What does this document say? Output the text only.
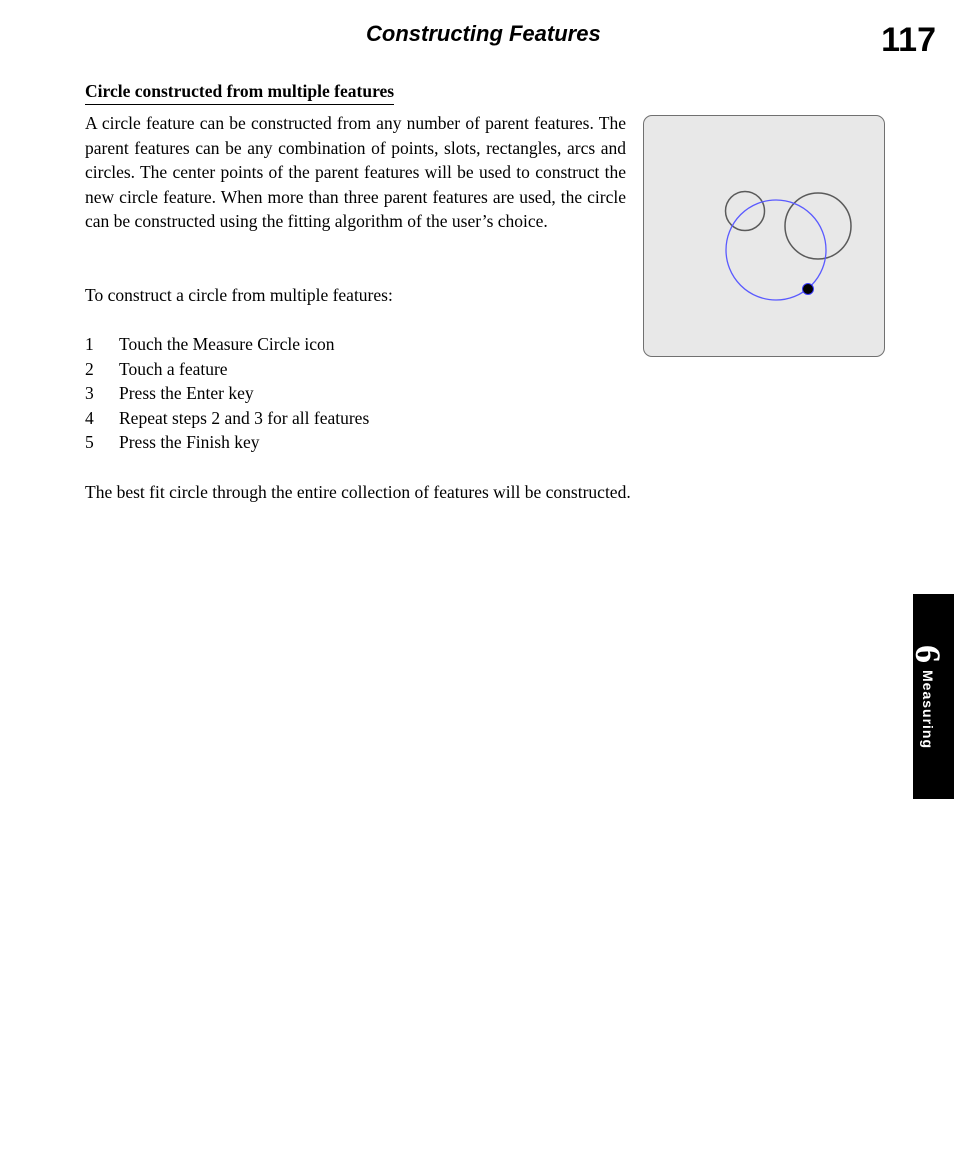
Constructing Features	117
Circle constructed from multiple features

A circle feature can be constructed from any number of parent features. The parent features can be any combination of points, slots, rectangles, arcs and circles. The center points of the parent features will be used to construct the new circle feature. When more than three parent features are used, the circle can be constructed using the fitting algorithm of the user’s choice.

To construct a circle from multiple features:

1	Touch the Measure Circle icon
2	Touch a feature
3	Press the Enter key
4	Repeat steps 2 and 3 for all features
5	Press the Finish key

The best fit circle through the entire collection of features will be constructed.

6
Measuring
